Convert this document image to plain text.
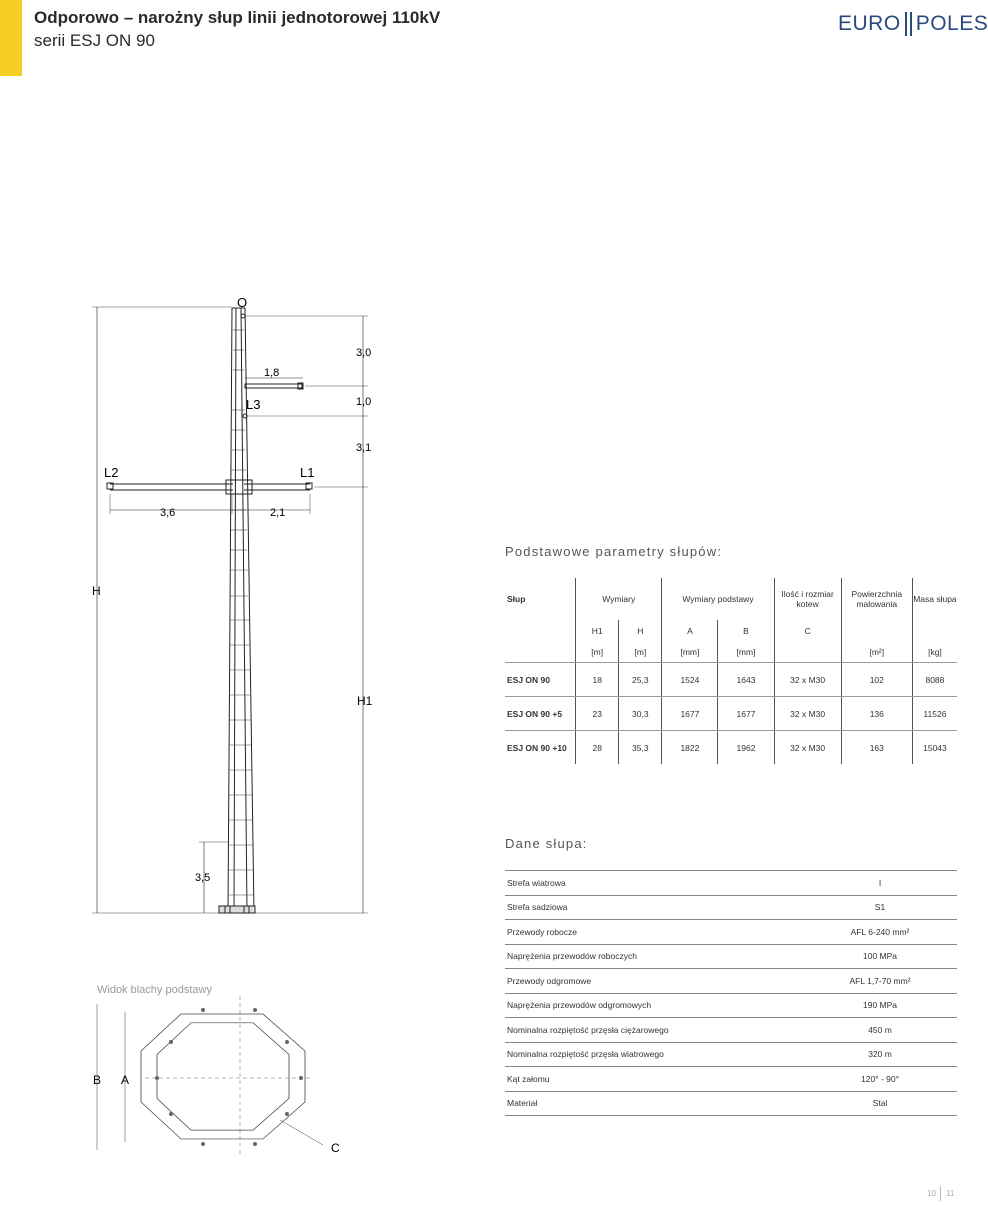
Odporowo – narożny słup linii jednotorowej 110kV
serii ESJ ON 90
EURO POLES
O
L3
L2	L1
H
H1
3,0
1,8
1,0
3,1
3,6	2,1
3,5
Widok blachy podstawy
B A
C
Podstawowe parametry słupów:
Słup	Wymiary		Wymiary podstawy		Ilość i rozmiar kotew	Powierzchnia malowania	Masa słupa
	H1	H	A	B	C		
	[m]	[m]	[mm]	[mm]		[m²]	[kg]
ESJ ON 90	18	25,3	1524	1643	32 x M30	102	8088
ESJ ON 90 +5	23	30,3	1677	1677	32 x M30	136	11526
ESJ ON 90 +10	28	35,3	1822	1962	32 x M30	163	15043
Dane słupa:
Strefa wiatrowa	I
Strefa sadziowa	S1
Przewody robocze	AFL 6-240 mm²
Naprężenia przewodów roboczych	100 MPa
Przewody odgromowe	AFL 1,7-70 mm²
Naprężenia przewodów odgromowych	190 MPa
Nominalna rozpiętość przęsła ciężarowego	450 m
Nominalna rozpiętość przęsła wiatrowego	320 m
Kąt załomu	120° - 90°
Materiał	Stal
10 11
